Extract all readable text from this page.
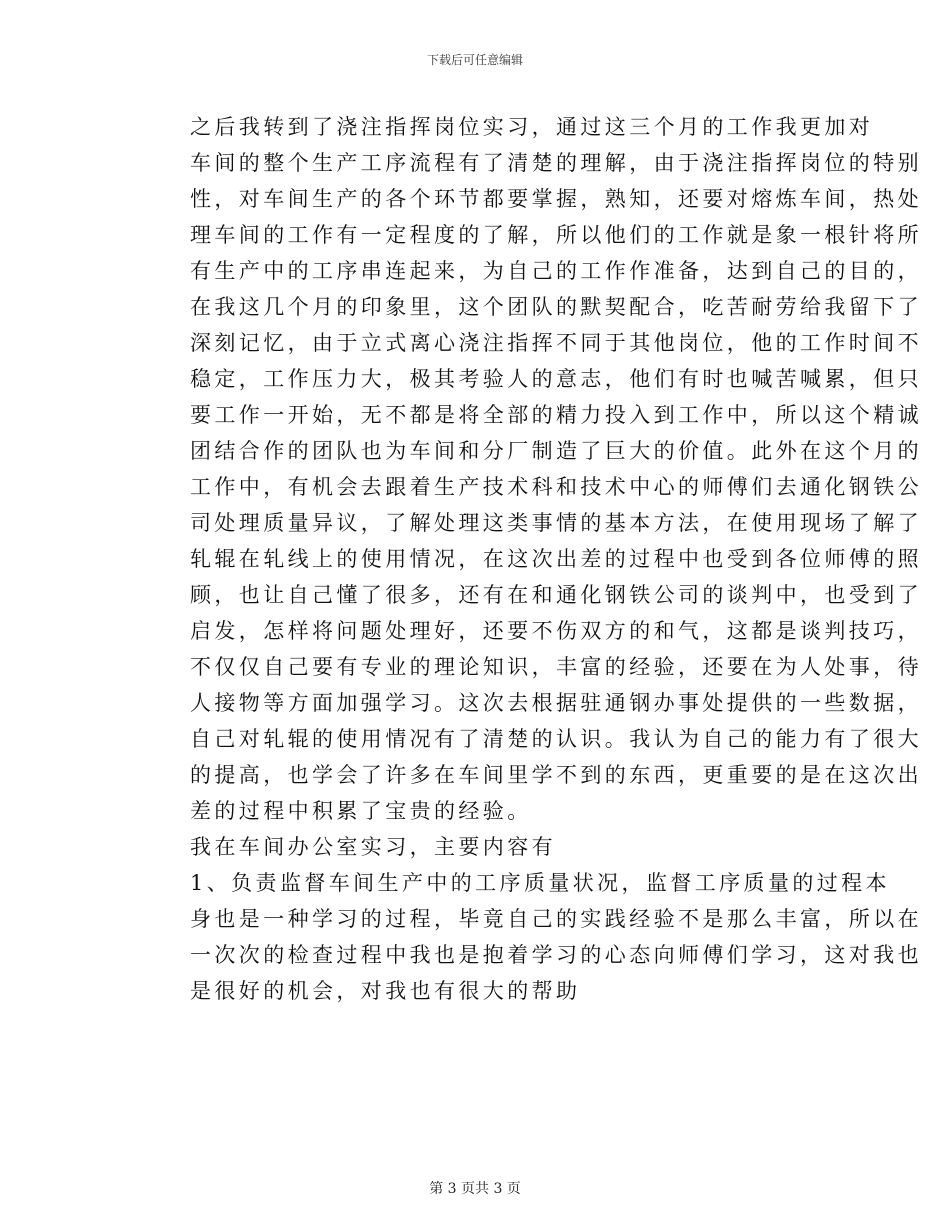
下载后可任意编辑

之后我转到了浇注指挥岗位实习，通过这三个月的工作我更加对
车间的整个生产工序流程有了清楚的理解，由于浇注指挥岗位的特别
性，对车间生产的各个环节都要掌握，熟知，还要对熔炼车间，热处
理车间的工作有一定程度的了解，所以他们的工作就是象一根针将所
有生产中的工序串连起来，为自己的工作作准备，达到自己的目的，
在我这几个月的印象里，这个团队的默契配合，吃苦耐劳给我留下了
深刻记忆，由于立式离心浇注指挥不同于其他岗位，他的工作时间不
稳定，工作压力大，极其考验人的意志，他们有时也喊苦喊累，但只
要工作一开始，无不都是将全部的精力投入到工作中，所以这个精诚
团结合作的团队也为车间和分厂制造了巨大的价值。此外在这个月的
工作中，有机会去跟着生产技术科和技术中心的师傅们去通化钢铁公
司处理质量异议，了解处理这类事情的基本方法，在使用现场了解了
轧辊在轧线上的使用情况，在这次出差的过程中也受到各位师傅的照
顾，也让自己懂了很多，还有在和通化钢铁公司的谈判中，也受到了
启发，怎样将问题处理好，还要不伤双方的和气，这都是谈判技巧，
不仅仅自己要有专业的理论知识，丰富的经验，还要在为人处事，待
人接物等方面加强学习。这次去根据驻通钢办事处提供的一些数据，
自己对轧辊的使用情况有了清楚的认识。我认为自己的能力有了很大
的提高，也学会了许多在车间里学不到的东西，更重要的是在这次出
差的过程中积累了宝贵的经验。

我在车间办公室实习，主要内容有

1、负责监督车间生产中的工序质量状况，监督工序质量的过程本
身也是一种学习的过程，毕竟自己的实践经验不是那么丰富，所以在
一次次的检查过程中我也是抱着学习的心态向师傅们学习，这对我也
是很好的机会，对我也有很大的帮助

第 3 页共 3 页
